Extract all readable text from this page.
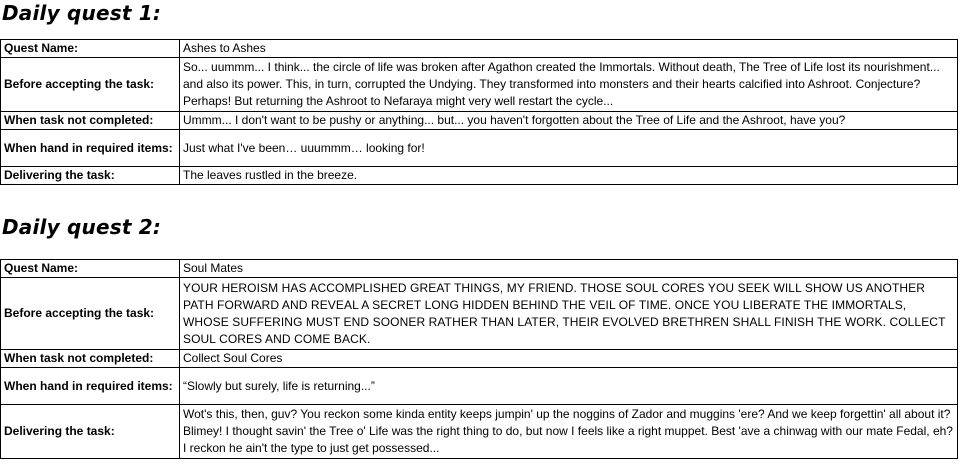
Daily quest 1:
Quest Name:	Ashes to Ashes
Before accepting the task:	So... uummm... I think... the circle of life was broken after Agathon created the Immortals. Without death, The Tree of Life lost its nourishment... and also its power. This, in turn, corrupted the Undying. They transformed into monsters and their hearts calcified into Ashroot. Conjecture? Perhaps! But returning the Ashroot to Nefaraya might very well restart the cycle...
When task not completed:	Ummm... I don't want to be pushy or anything... but... you haven't forgotten about the Tree of Life and the Ashroot, have you?
When hand in required items:	Just what I've been… uuummm… looking for!
Delivering the task:	The leaves rustled in the breeze.
Daily quest 2:
Quest Name:	Soul Mates
Before accepting the task:	YOUR HEROISM HAS ACCOMPLISHED GREAT THINGS, MY FRIEND. THOSE SOUL CORES YOU SEEK WILL SHOW US ANOTHER PATH FORWARD AND REVEAL A SECRET LONG HIDDEN BEHIND THE VEIL OF TIME. ONCE YOU LIBERATE THE IMMORTALS, WHOSE SUFFERING MUST END SOONER RATHER THAN LATER, THEIR EVOLVED BRETHREN SHALL FINISH THE WORK. COLLECT SOUL CORES AND COME BACK.
When task not completed:	Collect Soul Cores
When hand in required items:	“Slowly but surely, life is returning...”
Delivering the task:	Wot's this, then, guv? You reckon some kinda entity keeps jumpin' up the noggins of Zador and muggins 'ere? And we keep forgettin' all about it? Blimey! I thought savin' the Tree o' Life was the right thing to do, but now I feels like a right muppet. Best 'ave a chinwag with our mate Fedal, eh? I reckon he ain't the type to just get possessed...
